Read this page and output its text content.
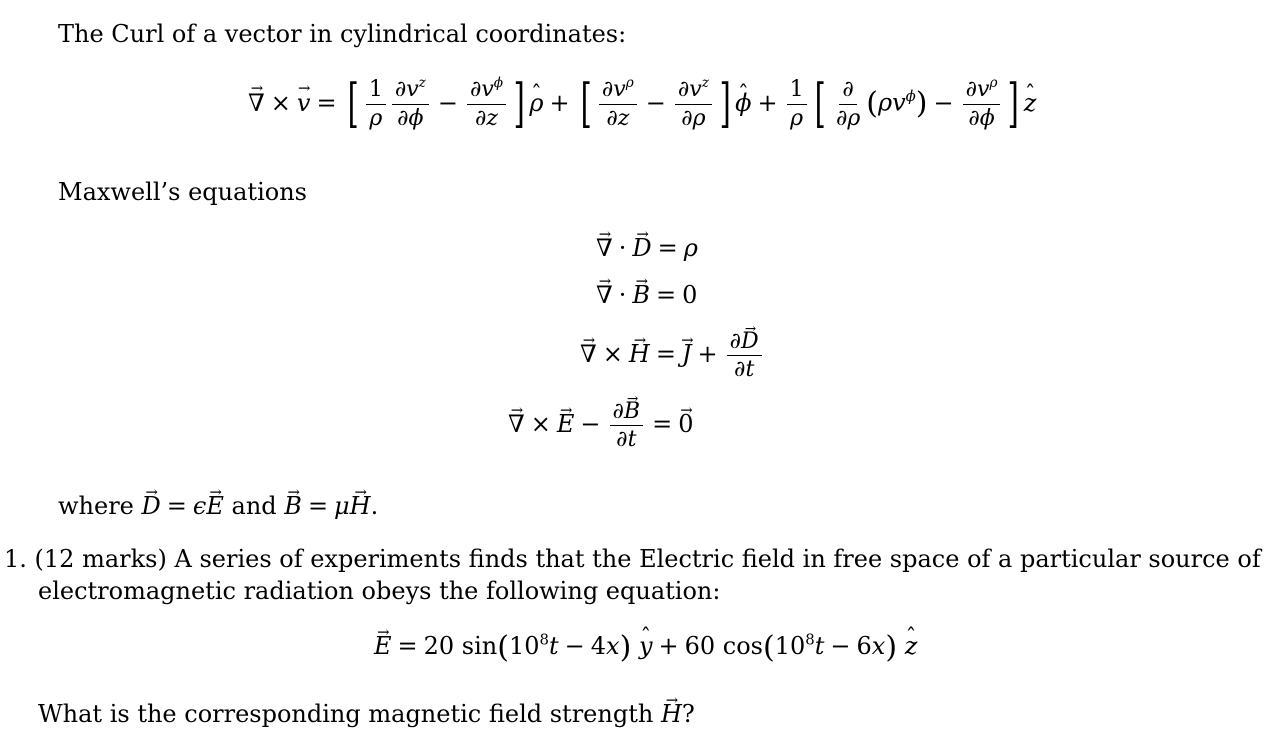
The Curl of a vector in cylindrical coordinates:
→ ∇ ×→ v = [ $\frac{1}{\rho} \frac{\partial v^z}{\partial\phi} - \frac{\partial v^\phi}{\partial z}$ ]ˆ ρ + [ $\frac{\partial v^\rho}{\partial z} - \frac{\partial v^z}{\partial\rho}$ ]ˆ $\phi + \frac{1}{\rho}$ [ $\frac{\partial}{\partial\rho} (\rho v^\phi) - \frac{\partial v^\rho}{\partial\phi}$ ]ˆ z
Maxwell’s equations
→ ∇ ·→ D = ρ
→ ∇ ·→ B = 0
→ ∇ ×→ $H =\to J + \frac{\partial\to D}{\partial t}$
→ ∇ ×→ $E - \frac{\partial\to B}{\partial t} =\to 0$
where → D = ϵ→ E and → B = μ→ H.
1. (12 marks) A series of experiments finds that the Electric field in free space of a particular source of
electromagnetic radiation obeys the following equation:
→ E = 20 $\sin(10^8t - 4x)$ ˆ y + 60 $\cos(10^8t - 6x)$ ˆ z
What is the corresponding magnetic field strength → H?
